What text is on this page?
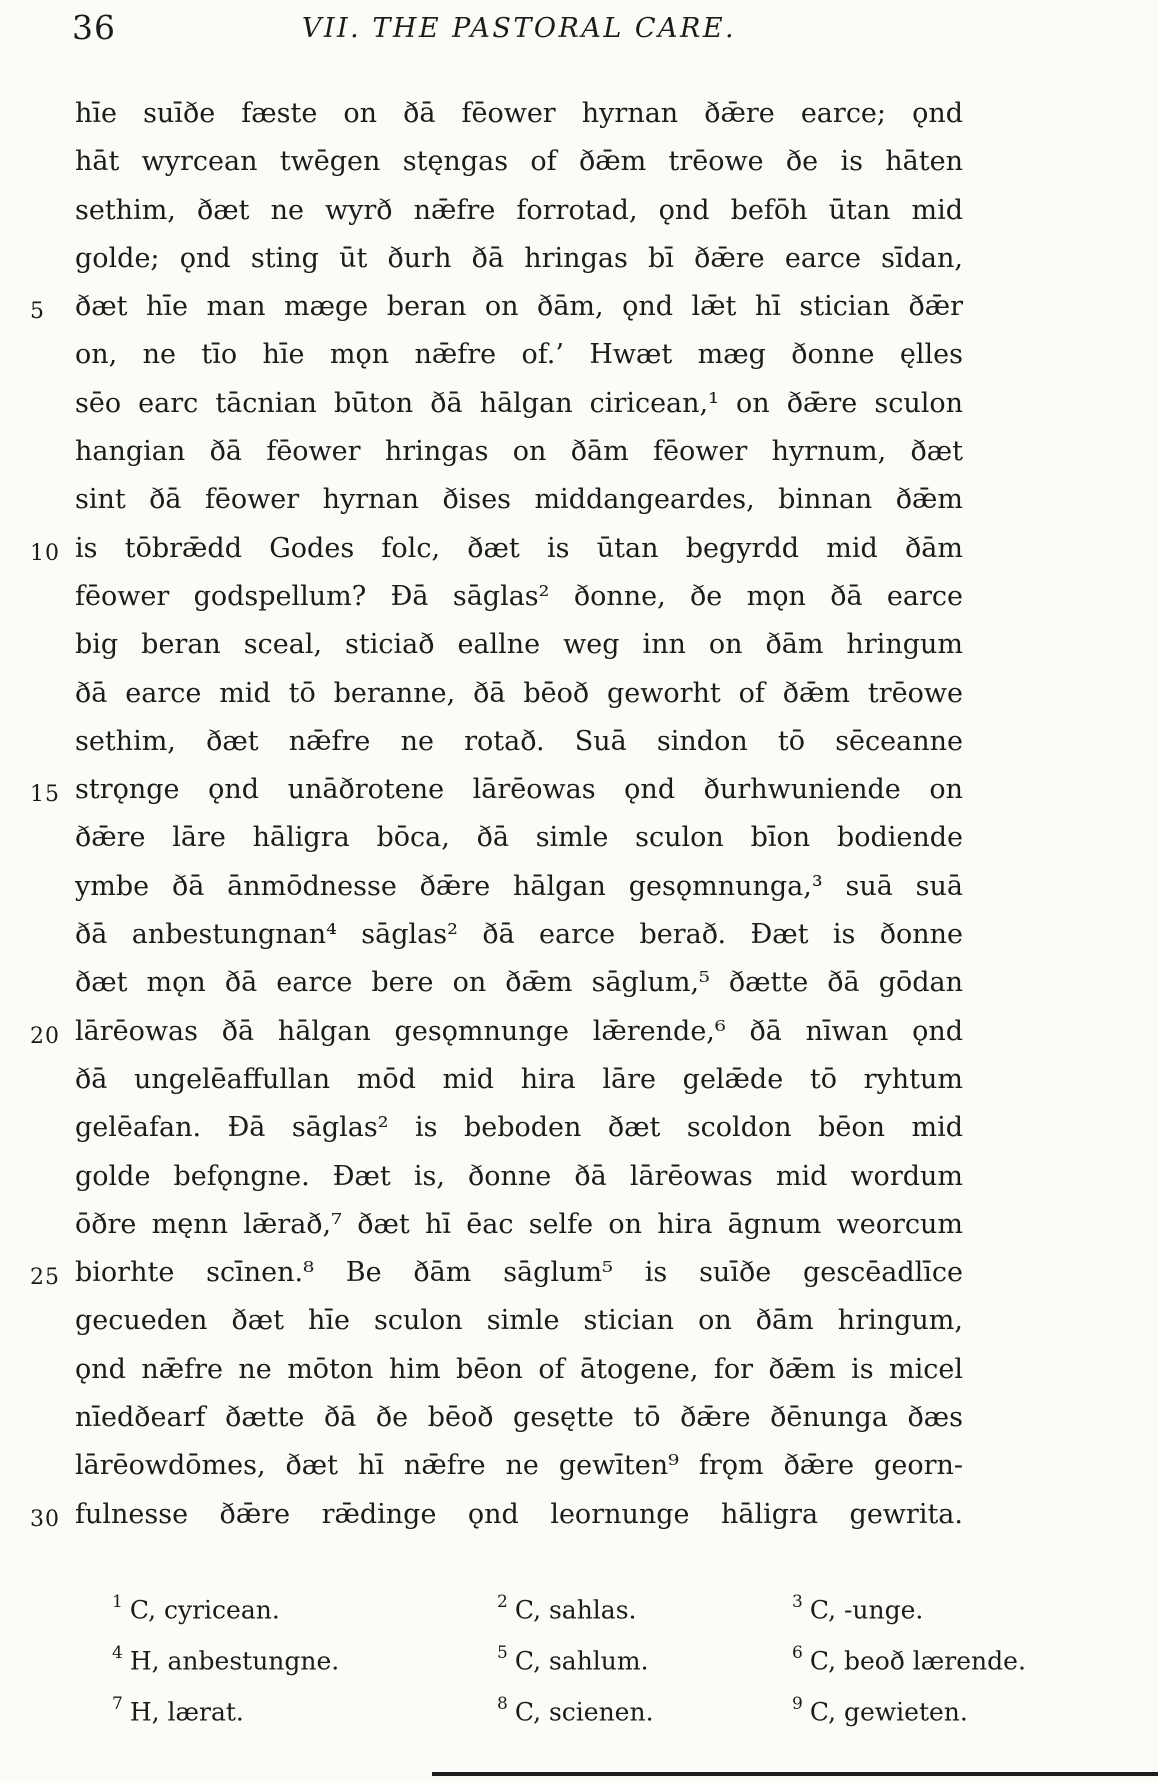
36	VII. THE PASTORAL CARE.
hīe suīðe fæste on ðā fēower hyrnan ðǣre earce; ǫnd
hāt wyrcean twēgen stęngas of ðǣm trēowe ðe is hāten
sethim, ðæt ne wyrð nǣfre forrotad, ǫnd befōh ūtan mid
golde; ǫnd sting ūt ðurh ðā hringas bī ðǣre earce sīdan,
5	ðæt hīe man mæge beran on ðām, ǫnd lǣt hī stician ðǣr
on, ne tīo hīe mǫn nǣfre of.’ Hwæt mæg ðonne ęlles
sēo earc tācnian būton ðā hālgan ciricean,¹ on ðǣre sculon
hangian ðā fēower hringas on ðām fēower hyrnum, ðæt
sint ðā fēower hyrnan ðises middangeardes, binnan ðǣm
10 is tōbrǣdd Godes folc, ðæt is ūtan begyrdd mid ðām
fēower godspellum? Ðā sāglas² ðonne, ðe mǫn ðā earce
big beran sceal, sticiað eallne weg inn on ðām hringum
ðā earce mid tō beranne, ðā bēoð geworht of ðǣm trēowe
sethim, ðæt nǣfre ne rotað. Suā sindon tō sēceanne
15 strǫnge ǫnd unāðrotene lārēowas ǫnd ðurhwuniende on
ðǣre lāre hāligra bōca, ðā simle sculon bīon bodiende
ymbe ðā ānmōdnesse ðǣre hālgan gesǫmnunga,³ suā suā
ðā anbestungnan⁴ sāglas² ðā earce berað. Ðæt is ðonne
ðæt mǫn ðā earce bere on ðǣm sāglum,⁵ ðætte ðā gōdan
20 lārēowas ðā hālgan gesǫmnunge lǣrende,⁶ ðā nīwan ǫnd
ðā ungelēaffullan mōd mid hira lāre gelǣde tō ryhtum
gelēafan. Ðā sāglas² is beboden ðæt scoldon bēon mid
golde befǫngne. Ðæt is, ðonne ðā lārēowas mid wordum
ōðre męnn lǣrað,⁷ ðæt hī ēac selfe on hira āgnum weorcum
25 biorhte scīnen.⁸ Be ðām sāglum⁵ is suīðe gescēadlīce
gecueden ðæt hīe sculon simle stician on ðām hringum,
ǫnd nǣfre ne mōton him bēon of ātogene, for ðǣm is micel
nīedðearf ðætte ðā ðe bēoð gesętte tō ðǣre ðēnunga ðæs
lārēowdōmes, ðæt hī nǣfre ne gewīten⁹ frǫm ðǣre georn-
30 fulnesse ðǣre rǣdinge ǫnd leornunge hāligra gewrita.
$^1$ C, cyricean.	$^2$ C, sahlas.	$^3$ C, -unge.
$^4$ H, anbestungne.	$^5$ C, sahlum.	$^6$ C, beoð lærende.
$^7$ H, lærat.	$^8$ C, scienen.	$^9$ C, gewieten.
